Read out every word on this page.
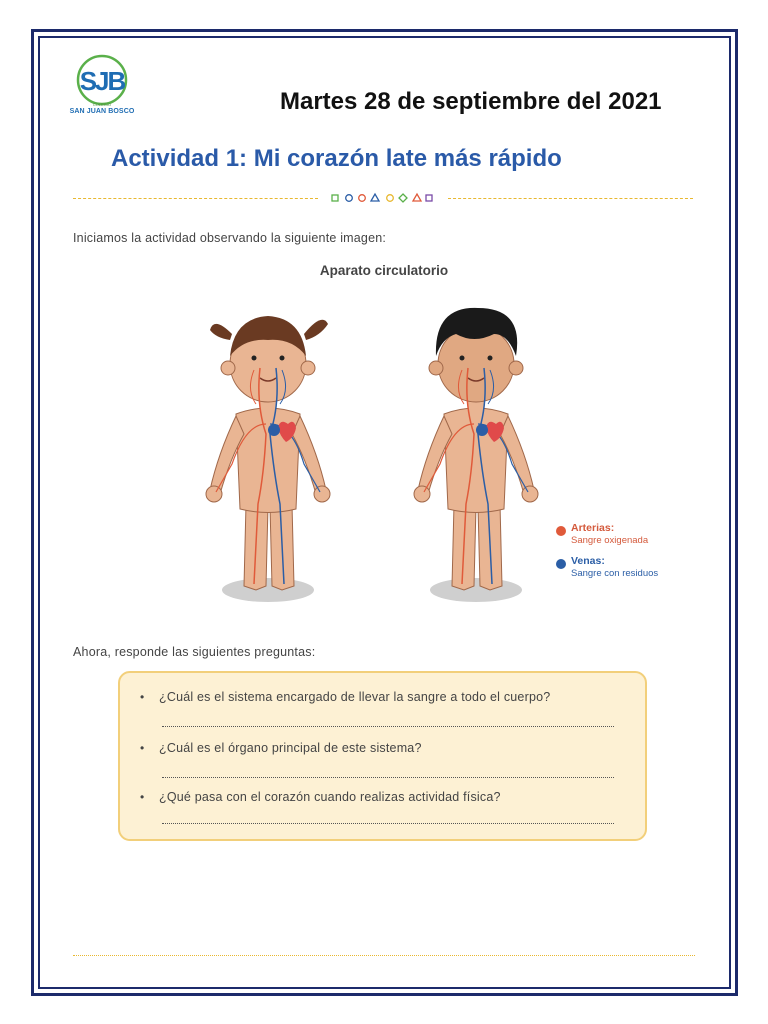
SJB
COLEGIO
SAN JUAN BOSCO	Martes 28 de septiembre del 2021
Actividad 1: Mi corazón late más rápido
Iniciamos la actividad observando la siguiente imagen:
Aparato circulatorio
Arterias:
Sangre oxigenada
Venas:
Sangre con residuos
Ahora, responde las siguientes preguntas:
• ¿Cuál es el sistema encargado de llevar la sangre a todo el cuerpo?
• ¿Cuál es el órgano principal de este sistema?
• ¿Qué pasa con el corazón cuando realizas actividad física?
